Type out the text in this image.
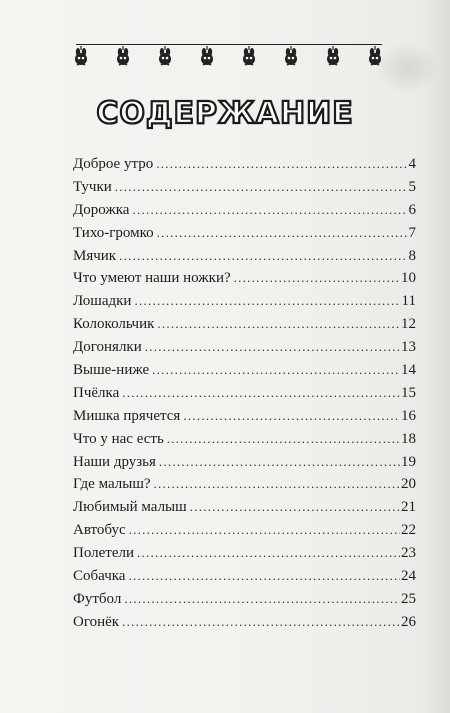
СОДЕРЖАНИЕ
Доброе утро . . .	4
Тучки . . .	5
Дорожка . . .	6
Тихо-громко . . .	7
Мячик . . .	8
Что умеют наши ножки? . . .	10
Лошадки . . .	11
Колокольчик . . .	12
Догонялки . . .	13
Выше-ниже . . .	14
Пчёлка . . .	15
Мишка прячется . . .	16
Что у нас есть . . .	18
Наши друзья . . .	19
Где малыш? . . .	20
Любимый малыш . . .	21
Автобус . . .	22
Полетели . . .	23
Собачка . . .	24
Футбол . . .	25
Огонёк . . .	26
